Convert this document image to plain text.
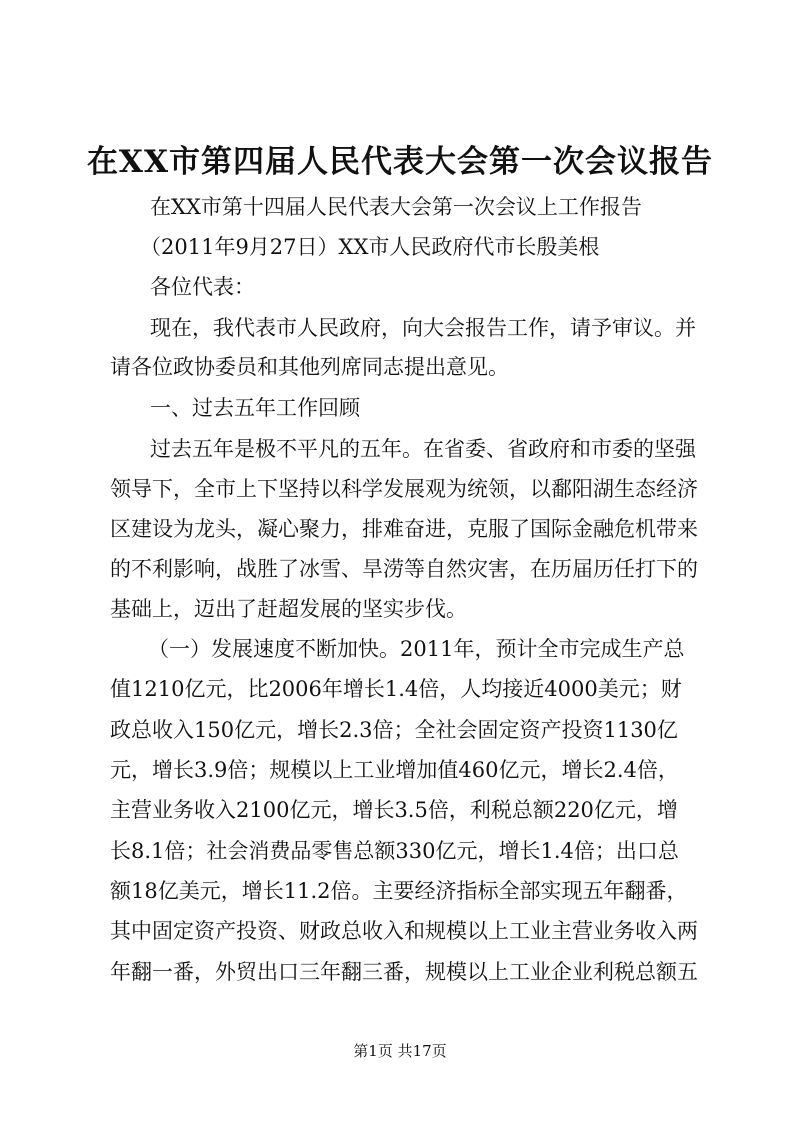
在XX市第四届人民代表大会第一次会议报告

在XX市第十四届人民代表大会第一次会议上工作报告

（2011年9月27日）XX市人民政府代市长殷美根

各位代表：

现在，我代表市人民政府，向大会报告工作，请予审议。并

请各位政协委员和其他列席同志提出意见。

一、过去五年工作回顾

过去五年是极不平凡的五年。在省委、省政府和市委的坚强

领导下，全市上下坚持以科学发展观为统领，以鄱阳湖生态经济

区建设为龙头，凝心聚力，排难奋进，克服了国际金融危机带来

的不利影响，战胜了冰雪、旱涝等自然灾害，在历届历任打下的

基础上，迈出了赶超发展的坚实步伐。

（一）发展速度不断加快。2011年，预计全市完成生产总

值1210亿元，比2006年增长1.4倍，人均接近4000美元；财

政总收入150亿元，增长2.3倍；全社会固定资产投资1130亿

元，增长3.9倍；规模以上工业增加值460亿元，增长2.4倍，

主营业务收入2100亿元，增长3.5倍，利税总额220亿元，增

长8.1倍；社会消费品零售总额330亿元，增长1.4倍；出口总

额18亿美元，增长11.2倍。主要经济指标全部实现五年翻番，

其中固定资产投资、财政总收入和规模以上工业主营业务收入两

年翻一番，外贸出口三年翻三番，规模以上工业企业利税总额五

第1页 共17页
